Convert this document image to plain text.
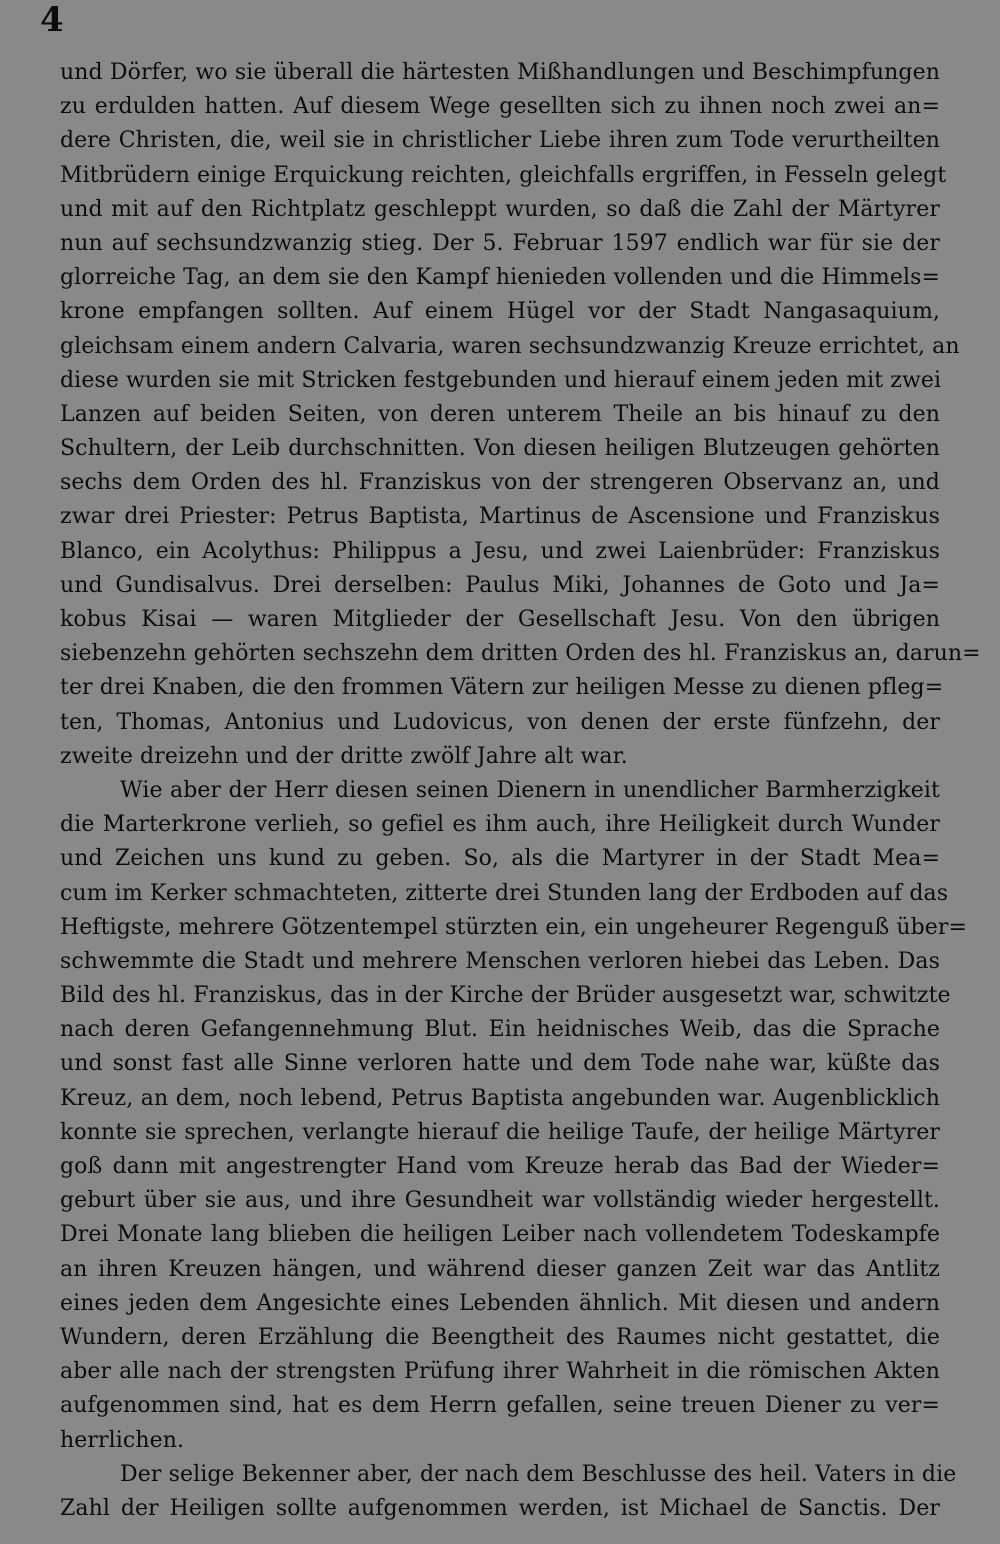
4
und Dörfer, wo sie überall die härtesten Mißhandlungen und Beschimpfungen
zu erdulden hatten. Auf diesem Wege gesellten sich zu ihnen noch zwei an=
dere Christen, die, weil sie in christlicher Liebe ihren zum Tode verurtheilten
Mitbrüdern einige Erquickung reichten, gleichfalls ergriffen, in Fesseln gelegt
und mit auf den Richtplatz geschleppt wurden, so daß die Zahl der Märtyrer
nun auf sechsundzwanzig stieg. Der 5. Februar 1597 endlich war für sie der
glorreiche Tag, an dem sie den Kampf hienieden vollenden und die Himmels=
krone empfangen sollten. Auf einem Hügel vor der Stadt Nangasaquium,
gleichsam einem andern Calvaria, waren sechsundzwanzig Kreuze errichtet, an
diese wurden sie mit Stricken festgebunden und hierauf einem jeden mit zwei
Lanzen auf beiden Seiten, von deren unterem Theile an bis hinauf zu den
Schultern, der Leib durchschnitten. Von diesen heiligen Blutzeugen gehörten
sechs dem Orden des hl. Franziskus von der strengeren Observanz an, und
zwar drei Priester: Petrus Baptista, Martinus de Ascensione und Franziskus
Blanco, ein Acolythus: Philippus a Jesu, und zwei Laienbrüder: Franziskus
und Gundisalvus. Drei derselben: Paulus Miki, Johannes de Goto und Ja=
kobus Kisai — waren Mitglieder der Gesellschaft Jesu. Von den übrigen
siebenzehn gehörten sechszehn dem dritten Orden des hl. Franziskus an, darun=
ter drei Knaben, die den frommen Vätern zur heiligen Messe zu dienen pfleg=
ten, Thomas, Antonius und Ludovicus, von denen der erste fünfzehn, der
zweite dreizehn und der dritte zwölf Jahre alt war.
Wie aber der Herr diesen seinen Dienern in unendlicher Barmherzigkeit
die Marterkrone verlieh, so gefiel es ihm auch, ihre Heiligkeit durch Wunder
und Zeichen uns kund zu geben. So, als die Martyrer in der Stadt Mea=
cum im Kerker schmachteten, zitterte drei Stunden lang der Erdboden auf das
Heftigste, mehrere Götzentempel stürzten ein, ein ungeheurer Regenguß über=
schwemmte die Stadt und mehrere Menschen verloren hiebei das Leben. Das
Bild des hl. Franziskus, das in der Kirche der Brüder ausgesetzt war, schwitzte
nach deren Gefangennehmung Blut. Ein heidnisches Weib, das die Sprache
und sonst fast alle Sinne verloren hatte und dem Tode nahe war, küßte das
Kreuz, an dem, noch lebend, Petrus Baptista angebunden war. Augenblicklich
konnte sie sprechen, verlangte hierauf die heilige Taufe, der heilige Märtyrer
goß dann mit angestrengter Hand vom Kreuze herab das Bad der Wieder=
geburt über sie aus, und ihre Gesundheit war vollständig wieder hergestellt.
Drei Monate lang blieben die heiligen Leiber nach vollendetem Todeskampfe
an ihren Kreuzen hängen, und während dieser ganzen Zeit war das Antlitz
eines jeden dem Angesichte eines Lebenden ähnlich. Mit diesen und andern
Wundern, deren Erzählung die Beengtheit des Raumes nicht gestattet, die
aber alle nach der strengsten Prüfung ihrer Wahrheit in die römischen Akten
aufgenommen sind, hat es dem Herrn gefallen, seine treuen Diener zu ver=
herrlichen.
Der selige Bekenner aber, der nach dem Beschlusse des heil. Vaters in die
Zahl der Heiligen sollte aufgenommen werden, ist Michael de Sanctis. Der
